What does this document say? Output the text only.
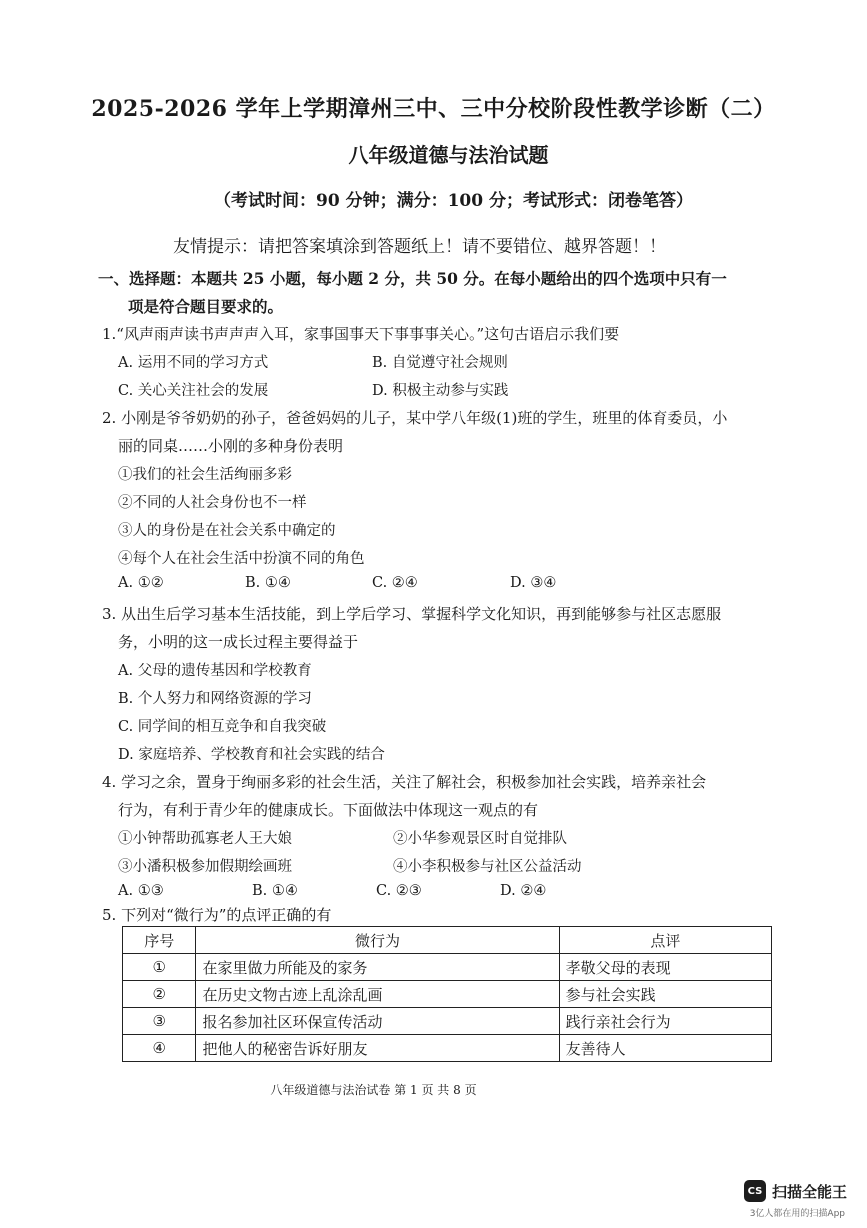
2025-2026 学年上学期漳州三中、三中分校阶段性教学诊断（二）
八年级道德与法治试题
（考试时间：90 分钟；满分：100 分；考试形式：闭卷笔答）
友情提示：请把答案填涂到答题纸上！请不要错位、越界答题！！
一、选择题：本题共 25 小题，每小题 2 分，共 50 分。在每小题给出的四个选项中只有一
项是符合题目要求的。
1.“风声雨声读书声声声入耳，家事国事天下事事事关心。”这句古语启示我们要
A. 运用不同的学习方式	B. 自觉遵守社会规则
C. 关心关注社会的发展	D. 积极主动参与实践
2. 小刚是爷爷奶奶的孙子，爸爸妈妈的儿子，某中学八年级(1)班的学生，班里的体育委员，小
丽的同桌……小刚的多种身份表明
①我们的社会生活绚丽多彩
②不同的人社会身份也不一样
③人的身份是在社会关系中确定的
④每个人在社会生活中扮演不同的角色
A. ①②	B. ①④	C. ②④	D. ③④
3. 从出生后学习基本生活技能，到上学后学习、掌握科学文化知识，再到能够参与社区志愿服
务，小明的这一成长过程主要得益于
A. 父母的遗传基因和学校教育
B. 个人努力和网络资源的学习
C. 同学间的相互竞争和自我突破
D. 家庭培养、学校教育和社会实践的结合
4. 学习之余，置身于绚丽多彩的社会生活，关注了解社会，积极参加社会实践，培养亲社会
行为，有利于青少年的健康成长。下面做法中体现这一观点的有
①小钟帮助孤寡老人王大娘	②小华参观景区时自觉排队
③小潘积极参加假期绘画班	④小李积极参与社区公益活动
A. ①③	B. ①④	C. ②③	D. ②④
5. 下列对“微行为”的点评正确的有
序号	微行为	点评
①	在家里做力所能及的家务	孝敬父母的表现
②	在历史文物古迹上乱涂乱画	参与社会实践
③	报名参加社区环保宣传活动	践行亲社会行为
④	把他人的秘密告诉好朋友	友善待人
八年级道德与法治试卷 第 1 页 共 8 页
CS 扫描全能王
3亿人都在用的扫描App
